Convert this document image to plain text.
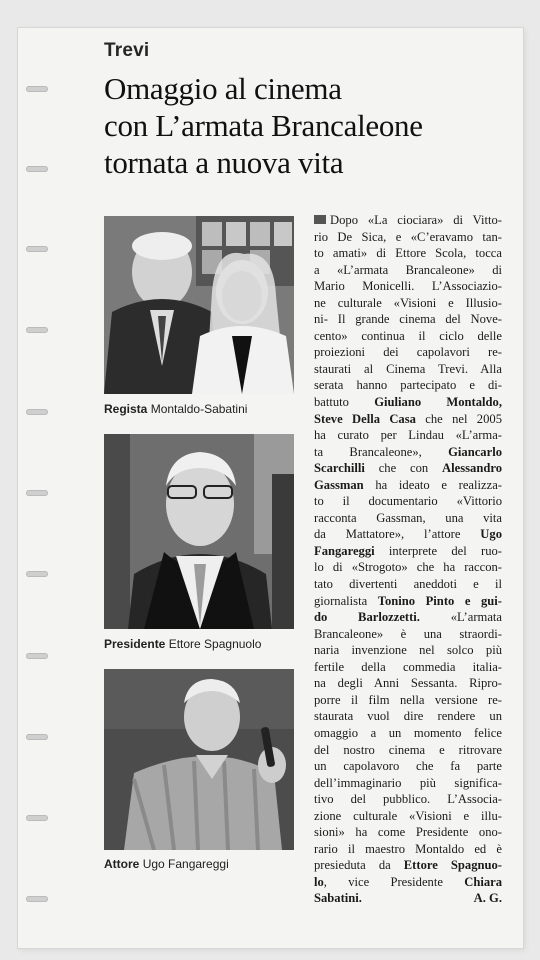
Trevi
Omaggio al cinema
con L’armata Brancaleone
tornata a nuova vita
Regista Montaldo-Sabatini
Presidente Ettore Spagnuolo
Attore Ugo Fangareggi
Dopo «La ciociara» di Vitto-
rio De Sica, e «C’eravamo tan-
to amati» di Ettore Scola, tocca
a «L’armata Brancaleone» di
Mario Monicelli. L’Associazio-
ne culturale «Visioni e Illusio-
ni- Il grande cinema del Nove-
cento» continua il ciclo delle
proiezioni dei capolavori re-
staurati al Cinema Trevi. Alla
serata hanno partecipato e di-
battuto Giuliano Montaldo,
Steve Della Casa che nel 2005
ha curato per Lindau «L’arma-
ta Brancaleone», Giancarlo
Scarchilli che con Alessandro
Gassman ha ideato e realizza-
to il documentario «Vittorio
racconta Gassman, una vita
da Mattatore», l’attore Ugo
Fangareggi interprete del ruo-
lo di «Strogoto» che ha raccon-
tato divertenti aneddoti e il
giornalista Tonino Pinto e gui-
do Barlozzetti. «L’armata
Brancaleone» è una straordi-
naria invenzione nel solco più
fertile della commedia italia-
na degli Anni Sessanta. Ripro-
porre il film nella versione re-
staurata vuol dire rendere un
omaggio a un momento felice
del nostro cinema e ritrovare
un capolavoro che fa parte
dell’immaginario più significa-
tivo del pubblico. L’Associa-
zione culturale «Visioni e illu-
sioni» ha come Presidente ono-
rario il maestro Montaldo ed è
presieduta da Ettore Spagnuo-
lo, vice Presidente Chiara
Sabatini.	A. G.
